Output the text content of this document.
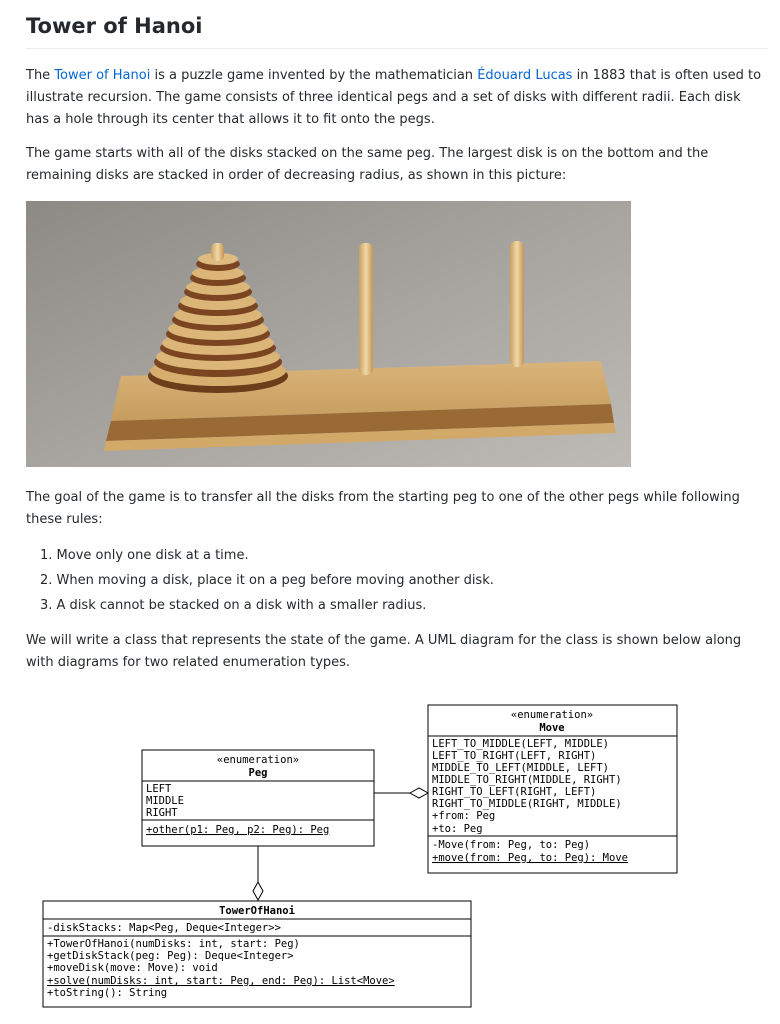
Tower of Hanoi

The Tower of Hanoi is a puzzle game invented by the mathematician Édouard Lucas in 1883 that is often used to illustrate recursion. The game consists of three identical pegs and a set of disks with different radii. Each disk has a hole through its center that allows it to fit onto the pegs.

The game starts with all of the disks stacked on the same peg. The largest disk is on the bottom and the remaining disks are stacked in order of decreasing radius, as shown in this picture:

The goal of the game is to transfer all the disks from the starting peg to one of the other pegs while following these rules:

1. Move only one disk at a time.
2. When moving a disk, place it on a peg before moving another disk.
3. A disk cannot be stacked on a disk with a smaller radius.

We will write a class that represents the state of the game. A UML diagram for the class is shown below along with diagrams for two related enumeration types.

«enumeration»
Peg
LEFT
MIDDLE
RIGHT
+other(p1: Peg, p2: Peg): Peg
«enumeration»
Move
LEFT_TO_MIDDLE(LEFT, MIDDLE)
LEFT_TO_RIGHT(LEFT, RIGHT)
MIDDLE_TO_LEFT(MIDDLE, LEFT)
MIDDLE_TO_RIGHT(MIDDLE, RIGHT)
RIGHT_TO_LEFT(RIGHT, LEFT)
RIGHT_TO_MIDDLE(RIGHT, MIDDLE)
+from: Peg
+to: Peg
-Move(from: Peg, to: Peg)
+move(from: Peg, to: Peg): Move
TowerOfHanoi
-diskStacks: Map<Peg, Deque<Integer>>
+TowerOfHanoi(numDisks: int, start: Peg)
+getDiskStack(peg: Peg): Deque<Integer>
+moveDisk(move: Move): void
+solve(numDisks: int, start: Peg, end: Peg): List<Move>
+toString(): String
